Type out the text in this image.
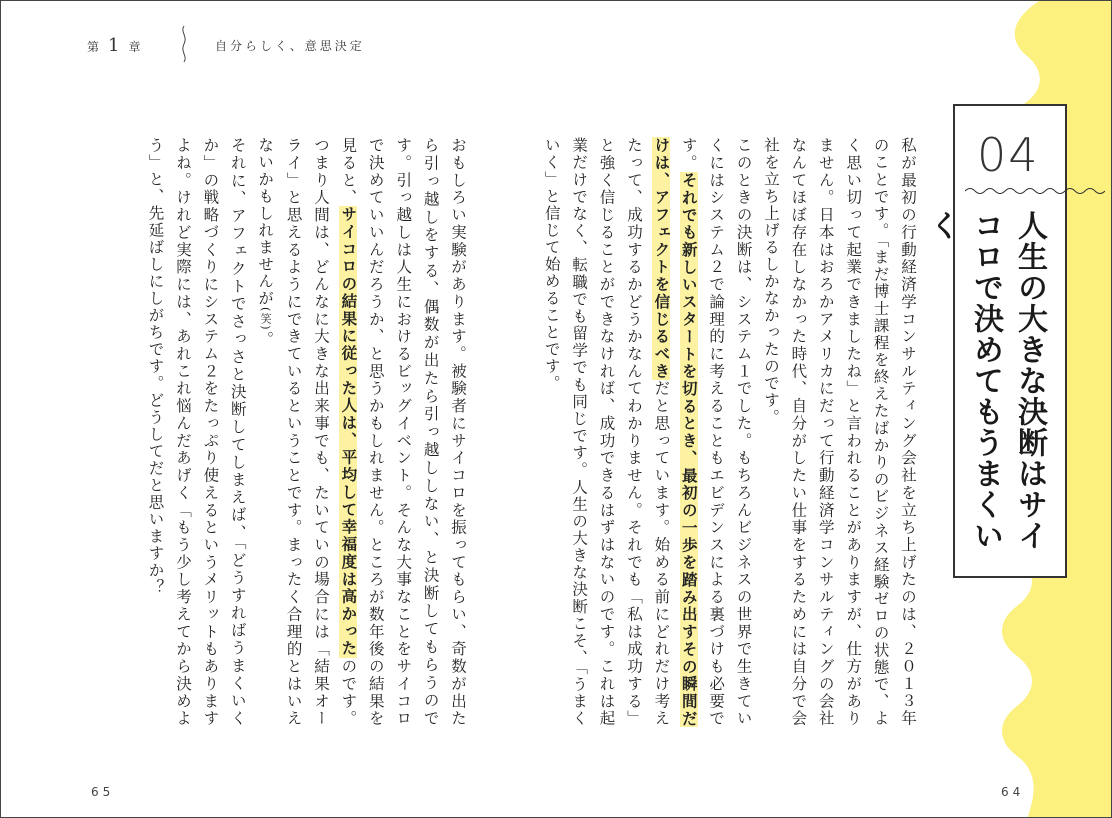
第 1 章	自分らしく、意思決定
04
人生の大きな決断はサイコロで決めてもうまくいく
私が最初の行動経済学コンサルティング会社を立ち上げたのは、２０１３年のことです。「まだ博士課程を終えたばかりのビジネス経験ゼロの状態で、よく思い切って起業できましたね」と言われることがありますが、仕方がありません。日本はおろかアメリカにだって行動経済学コンサルティングの会社なんてほぼ存在しなかった時代、自分がしたい仕事をするためには自分で会社を立ち上げるしかなかったのです。
このときの決断は、システム１でした。もちろんビジネスの世界で生きていくにはシステム２で論理的に考えることもエビデンスによる裏づけも必要です。それでも新しいスタートを切るとき、最初の一歩を踏み出すその瞬間だけは、アフェクトを信じるべきだと思っています。始める前にどれだけ考えたって、成功するかどうかなんてわかりません。それでも「私は成功する」と強く信じることができなければ、成功できるはずはないのです。これは起業だけでなく、転職でも留学でも同じです。人生の大きな決断こそ、「うまくいく」と信じて始めることです。
おもしろい実験があります。被験者にサイコロを振ってもらい、奇数が出たら引っ越しをする、偶数が出たら引っ越ししない、と決断してもらうのです。引っ越しは人生におけるビッグイベント。そんな大事なことをサイコロで決めていいんだろうか、と思うかもしれません。ところが数年後の結果を見ると、サイコロの結果に従った人は、平均して幸福度は高かったのです。つまり人間は、どんなに大きな出来事でも、たいていの場合には「結果オーライ」と思えるようにできているということです。まったく合理的とはいえないかもしれませんが(笑)。
それに、アフェクトでさっさと決断してしまえば、「どうすればうまくいくか」の戦略づくりにシステム２をたっぷり使えるというメリットもありますよね。けれど実際には、あれこれ悩んだあげく「もう少し考えてから決めよう」と、先延ばしにしがちです。どうしてだと思いますか？
65	64
